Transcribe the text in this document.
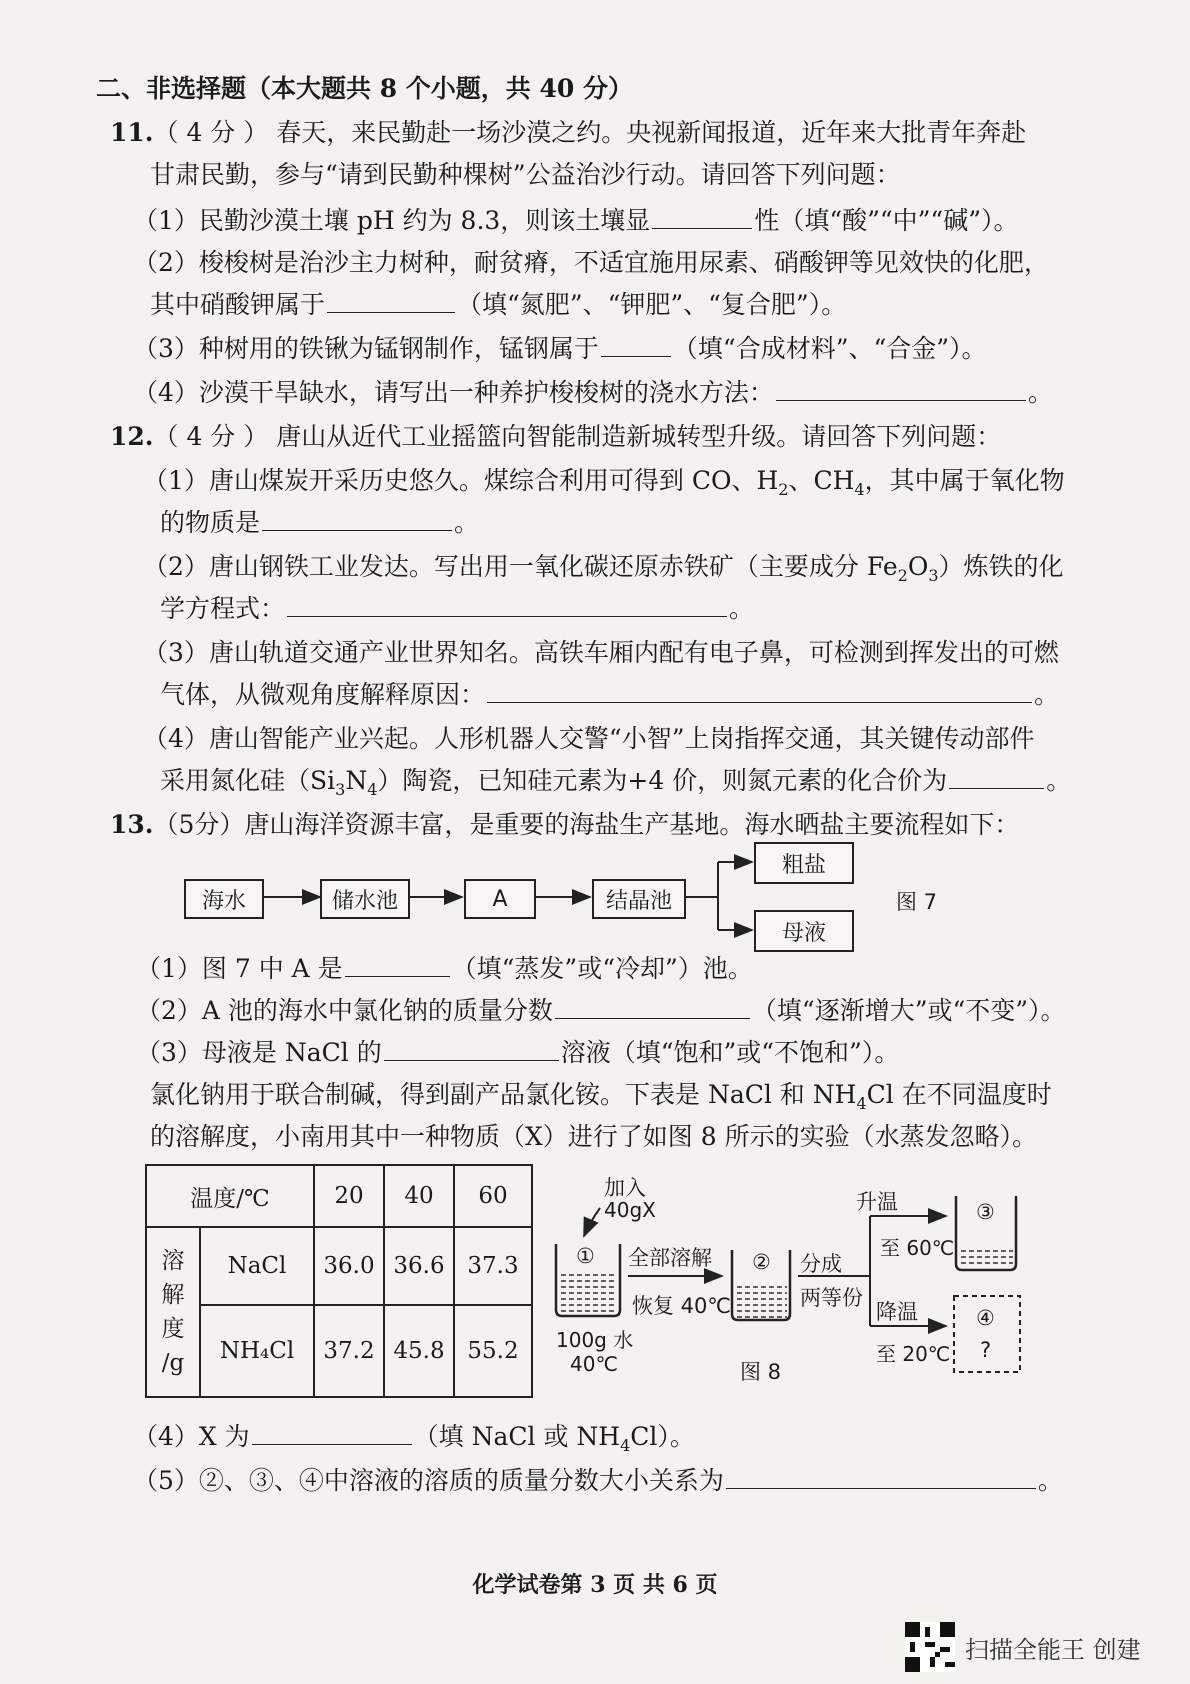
二、非选择题（本大题共 8 个小题，共 40 分）
11.（ 4 分 ） 春天，来民勤赴一场沙漠之约。央视新闻报道，近年来大批青年奔赴
甘肃民勤，参与“请到民勤种棵树”公益治沙行动。请回答下列问题：
（1）民勤沙漠土壤 pH 约为 8.3，则该土壤显	性（填“酸”“中”“碱”）。
（2）梭梭树是治沙主力树种，耐贫瘠，不适宜施用尿素、硝酸钾等见效快的化肥，
其中硝酸钾属于	（填“氮肥”、“钾肥”、“复合肥”）。
（3）种树用的铁锹为锰钢制作，锰钢属于	（填“合成材料”、“合金”）。
（4）沙漠干旱缺水，请写出一种养护梭梭树的浇水方法：	。
12.（ 4 分 ） 唐山从近代工业摇篮向智能制造新城转型升级。请回答下列问题：
（1）唐山煤炭开采历史悠久。煤综合利用可得到 CO、$H_2$、$CH_4$，其中属于氧化物
的物质是	。
（2）唐山钢铁工业发达。写出用一氧化碳还原赤铁矿（主要成分 $Fe_2O_3$）炼铁的化
学方程式：	。
（3）唐山轨道交通产业世界知名。高铁车厢内配有电子鼻，可检测到挥发出的可燃
气体，从微观角度解释原因：	。
（4）唐山智能产业兴起。人形机器人交警“小智”上岗指挥交通，其关键传动部件
采用氮化硅$(Si_3N_4)$陶瓷，已知硅元素为+4 价，则氮元素的化合价为	。
13.（5分）唐山海洋资源丰富，是重要的海盐生产基地。海水晒盐主要流程如下：
海水	储水池	A	结晶池
粗盐
母液
图 7
（1）图 7 中 A 是	（填“蒸发”或“冷却”）池。
（2）A 池的海水中氯化钠的质量分数	（填“逐渐增大”或“不变”）。
（3）母液是 NaCl 的	溶液（填“饱和”或“不饱和”）。
氯化钠用于联合制碱，得到副产品氯化铵。下表是 NaCl 和 $NH_4Cl$ 在不同温度时
的溶解度，小南用其中一种物质（X）进行了如图 8 所示的实验（水蒸发忽略）。
温度/℃		20	40	60

溶
解
度
/g	NaCl	36.0	36.6	37.3
	NH₄Cl	37.2	45.8	55.2
加入
40gX
①
100g 水
40℃
全部溶解
恢复 40℃
② 分成
两等份
升温
至 60℃
③
降温
至 20℃
④
?
图 8
（4）X 为	（填 NaCl 或 $NH_4Cl$）。
（5）②、③、④中溶液的溶质的质量分数大小关系为	。
化学试卷第 3 页 共 6 页
扫描全能王 创建
